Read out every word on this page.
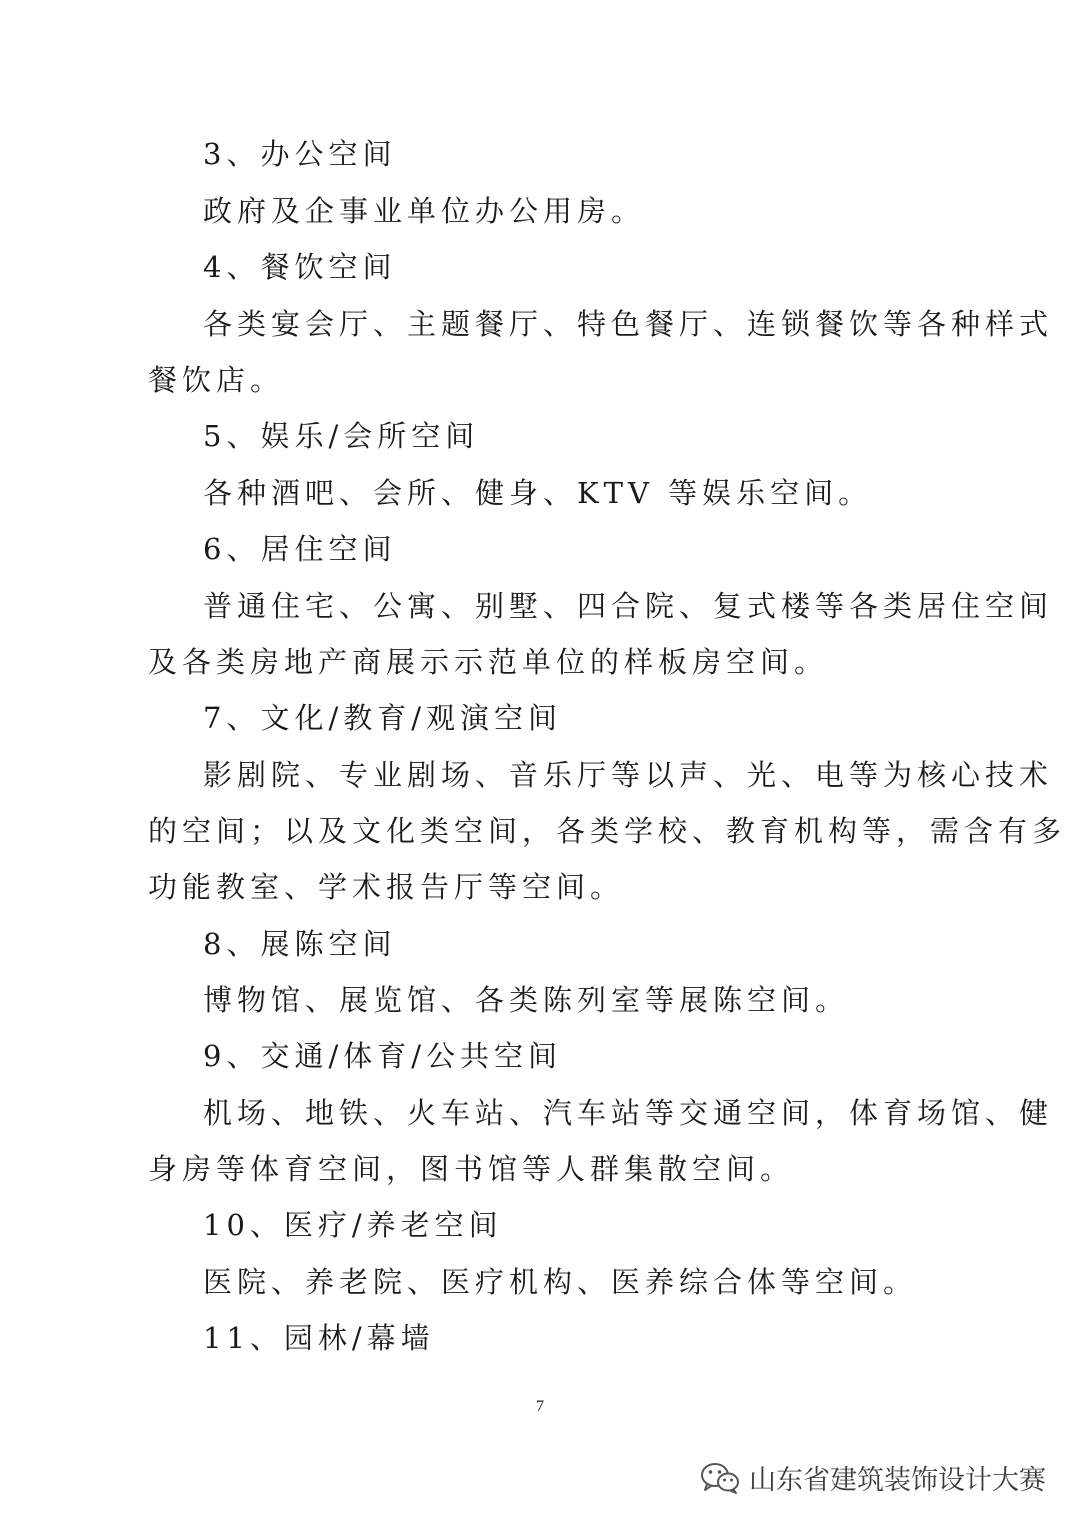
3、办公空间
政府及企事业单位办公用房。
4、餐饮空间
各类宴会厅、主题餐厅、特色餐厅、连锁餐饮等各种样式
餐饮店。
5、娱乐/会所空间
各种酒吧、会所、健身、KTV 等娱乐空间。
6、居住空间
普通住宅、公寓、别墅、四合院、复式楼等各类居住空间
及各类房地产商展示示范单位的样板房空间。
7、文化/教育/观演空间
影剧院、专业剧场、音乐厅等以声、光、电等为核心技术
的空间；以及文化类空间，各类学校、教育机构等，需含有多
功能教室、学术报告厅等空间。
8、展陈空间
博物馆、展览馆、各类陈列室等展陈空间。
9、交通/体育/公共空间
机场、地铁、火车站、汽车站等交通空间，体育场馆、健
身房等体育空间，图书馆等人群集散空间。
10、医疗/养老空间
医院、养老院、医疗机构、医养综合体等空间。
11、园林/幕墙
7
山东省建筑装饰设计大赛
